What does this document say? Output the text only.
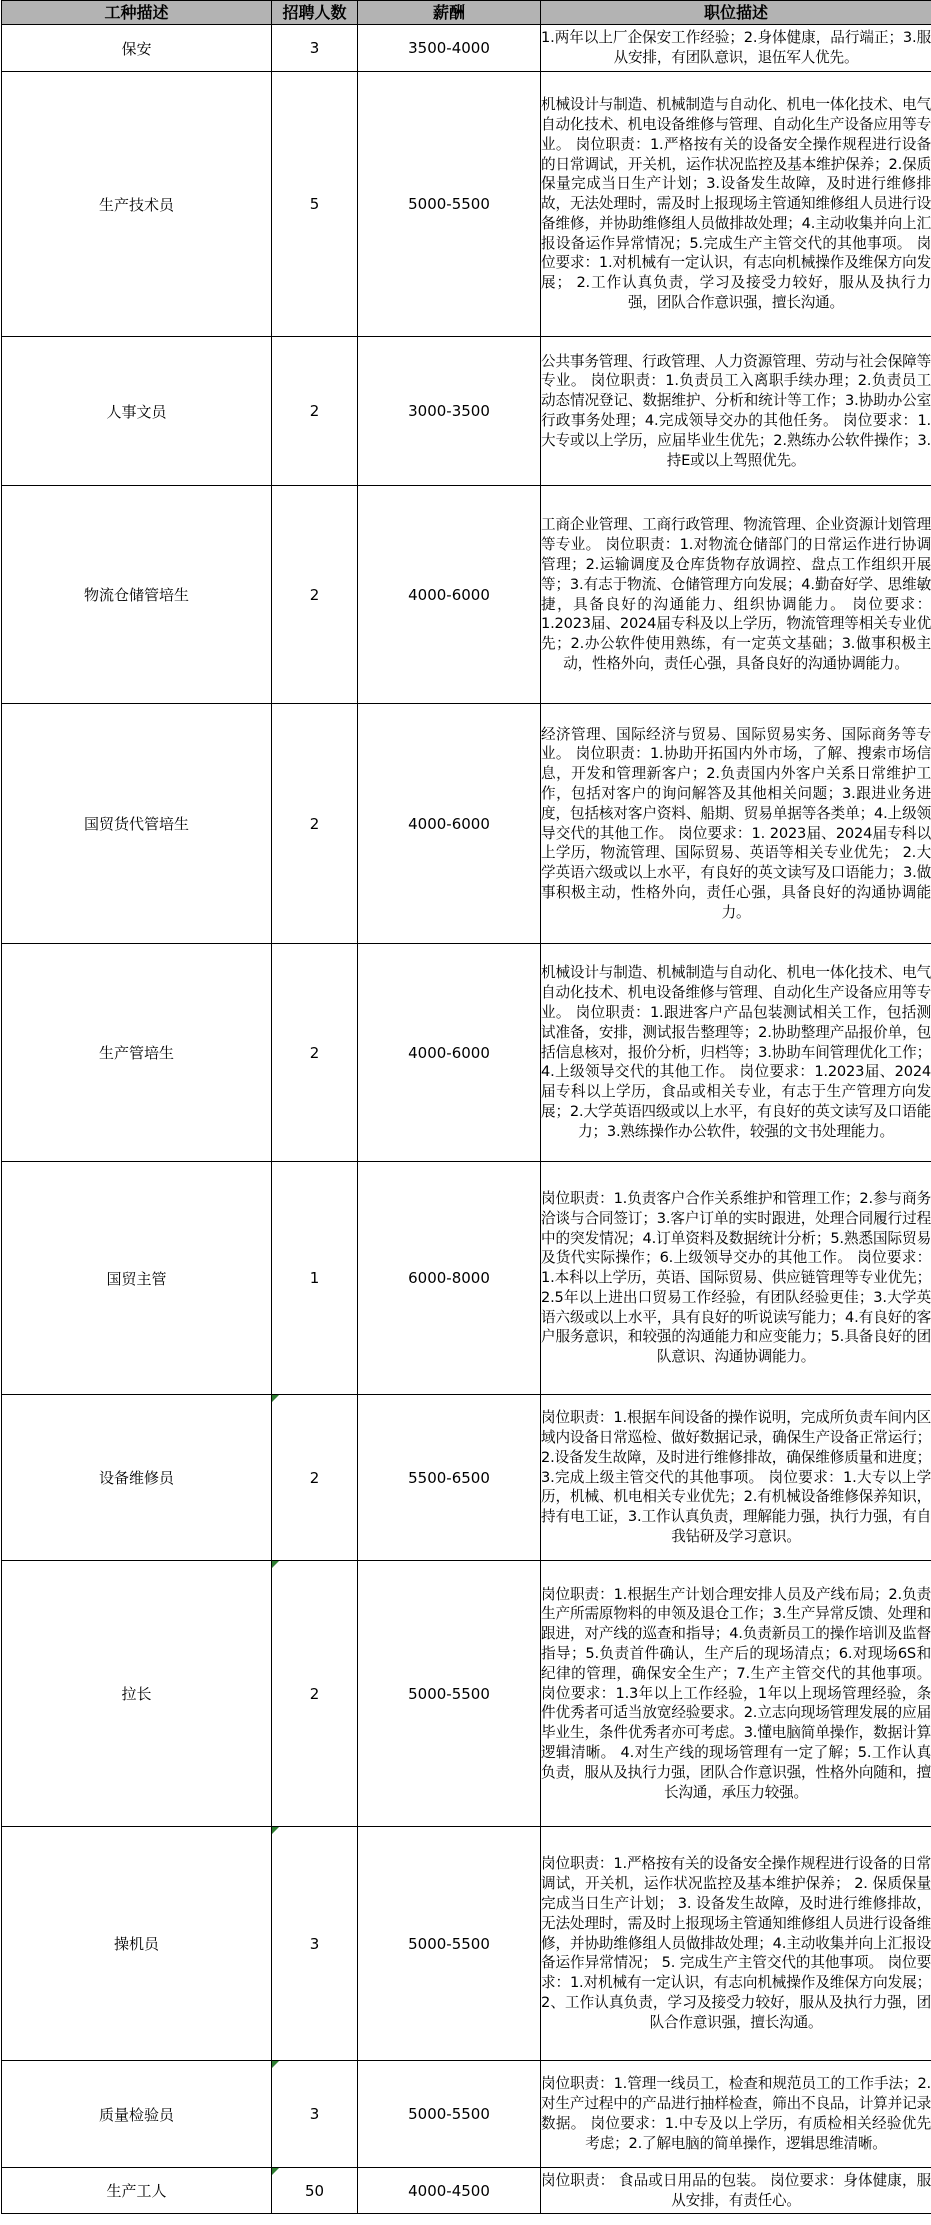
工种描述	招聘人数	薪酬	职位描述
保安	3	3500-4000	1.两年以上厂企保安工作经验；2.身体健康，品行端正；3.服从安排，有团队意识，退伍军人优先。
生产技术员	5	5000-5500	机械设计与制造、机械制造与自动化、机电一体化技术、电气自动化技术、机电设备维修与管理、自动化生产设备应用等专业。 岗位职责：1.严格按有关的设备安全操作规程进行设备的日常调试，开关机，运作状况监控及基本维护保养；2.保质保量完成当日生产计划；3.设备发生故障，及时进行维修排故，无法处理时，需及时上报现场主管通知维修组人员进行设备维修，并协助维修组人员做排故处理；4.主动收集并向上汇报设备运作异常情况；5.完成生产主管交代的其他事项。 岗位要求：1.对机械有一定认识，有志向机械操作及维保方向发展； 2.工作认真负责，学习及接受力较好，服从及执行力强，团队合作意识强，擅长沟通。
人事文员	2	3000-3500	公共事务管理、行政管理、人力资源管理、劳动与社会保障等专业。 岗位职责：1.负责员工入离职手续办理；2.负责员工动态情况登记、数据维护、分析和统计等工作；3.协助办公室行政事务处理；4.完成领导交办的其他任务。 岗位要求：1.大专或以上学历，应届毕业生优先；2.熟练办公软件操作；3.持E或以上驾照优先。
物流仓储管培生	2	4000-6000	工商企业管理、工商行政管理、物流管理、企业资源计划管理等专业。 岗位职责：1.对物流仓储部门的日常运作进行协调管理；2.运输调度及仓库货物存放调控、盘点工作组织开展等；3.有志于物流、仓储管理方向发展；4.勤奋好学、思维敏捷，具备良好的沟通能力、组织协调能力。 岗位要求：1.2023届、2024届专科及以上学历，物流管理等相关专业优先；2.办公软件使用熟练，有一定英文基础；3.做事积极主动，性格外向，责任心强，具备良好的沟通协调能力。
国贸货代管培生	2	4000-6000	经济管理、国际经济与贸易、国际贸易实务、国际商务等专业。 岗位职责：1.协助开拓国内外市场，了解、搜索市场信息，开发和管理新客户；2.负责国内外客户关系日常维护工作，包括对客户的询问解答及其他相关问题；3.跟进业务进度，包括核对客户资料、船期、贸易单据等各类单；4.上级领导交代的其他工作。 岗位要求：1. 2023届、2024届专科以上学历，物流管理、国际贸易、英语等相关专业优先； 2.大学英语六级或以上水平，有良好的英文读写及口语能力；3.做事积极主动，性格外向，责任心强，具备良好的沟通协调能力。
生产管培生	2	4000-6000	机械设计与制造、机械制造与自动化、机电一体化技术、电气自动化技术、机电设备维修与管理、自动化生产设备应用等专业。 岗位职责：1.跟进客户产品包装测试相关工作，包括测试准备，安排，测试报告整理等；2.协助整理产品报价单，包括信息核对，报价分析，归档等；3.协助车间管理优化工作；4.上级领导交代的其他工作。 岗位要求：1.2023届、2024届专科以上学历，食品或相关专业，有志于生产管理方向发展；2.大学英语四级或以上水平，有良好的英文读写及口语能力；3.熟练操作办公软件，较强的文书处理能力。
国贸主管	1	6000-8000	岗位职责：1.负责客户合作关系维护和管理工作；2.参与商务洽谈与合同签订；3.客户订单的实时跟进，处理合同履行过程中的突发情况；4.订单资料及数据统计分析；5.熟悉国际贸易及货代实际操作；6.上级领导交办的其他工作。 岗位要求：1.本科以上学历，英语、国际贸易、供应链管理等专业优先；2.5年以上进出口贸易工作经验，有团队经验更佳；3.大学英语六级或以上水平，具有良好的听说读写能力；4.有良好的客户服务意识，和较强的沟通能力和应变能力；5.具备良好的团队意识、沟通协调能力。
设备维修员	2	5500-6500	岗位职责：1.根据车间设备的操作说明，完成所负责车间内区域内设备日常巡检、做好数据记录，确保生产设备正常运行；2.设备发生故障，及时进行维修排故，确保维修质量和进度；3.完成上级主管交代的其他事项。 岗位要求：1.大专以上学历，机械、机电相关专业优先；2.有机械设备维修保养知识，持有电工证，3.工作认真负责，理解能力强，执行力强，有自我钻研及学习意识。
拉长	2	5000-5500	岗位职责：1.根据生产计划合理安排人员及产线布局；2.负责生产所需原物料的申领及退仓工作；3.生产异常反馈、处理和跟进，对产线的巡查和指导；4.负责新员工的操作培训及监督指导；5.负责首件确认，生产后的现场清点；6.对现场6S和纪律的管理，确保安全生产；7.生产主管交代的其他事项。 岗位要求：1.3年以上工作经验，1年以上现场管理经验，条件优秀者可适当放宽经验要求。2.立志向现场管理发展的应届毕业生，条件优秀者亦可考虑。3.懂电脑简单操作，数据计算逻辑清晰。 4.对生产线的现场管理有一定了解；5.工作认真负责，服从及执行力强，团队合作意识强，性格外向随和，擅长沟通，承压力较强。
操机员	3	5000-5500	岗位职责：1.严格按有关的设备安全操作规程进行设备的日常调试，开关机，运作状况监控及基本维护保养； 2. 保质保量完成当日生产计划； 3. 设备发生故障，及时进行维修排故，无法处理时，需及时上报现场主管通知维修组人员进行设备维修，并协助维修组人员做排故处理；4.主动收集并向上汇报设备运作异常情况； 5. 完成生产主管交代的其他事项。 岗位要求：1.对机械有一定认识，有志向机械操作及维保方向发展； 2、工作认真负责，学习及接受力较好，服从及执行力强，团队合作意识强，擅长沟通。
质量检验员	3	5000-5500	岗位职责：1.管理一线员工，检查和规范员工的工作手法；2.对生产过程中的产品进行抽样检查，筛出不良品，计算并记录数据。 岗位要求：1.中专及以上学历，有质检相关经验优先考虑；2.了解电脑的简单操作，逻辑思维清晰。
生产工人	50	4000-4500	岗位职责： 食品或日用品的包装。 岗位要求：身体健康，服从安排，有责任心。
